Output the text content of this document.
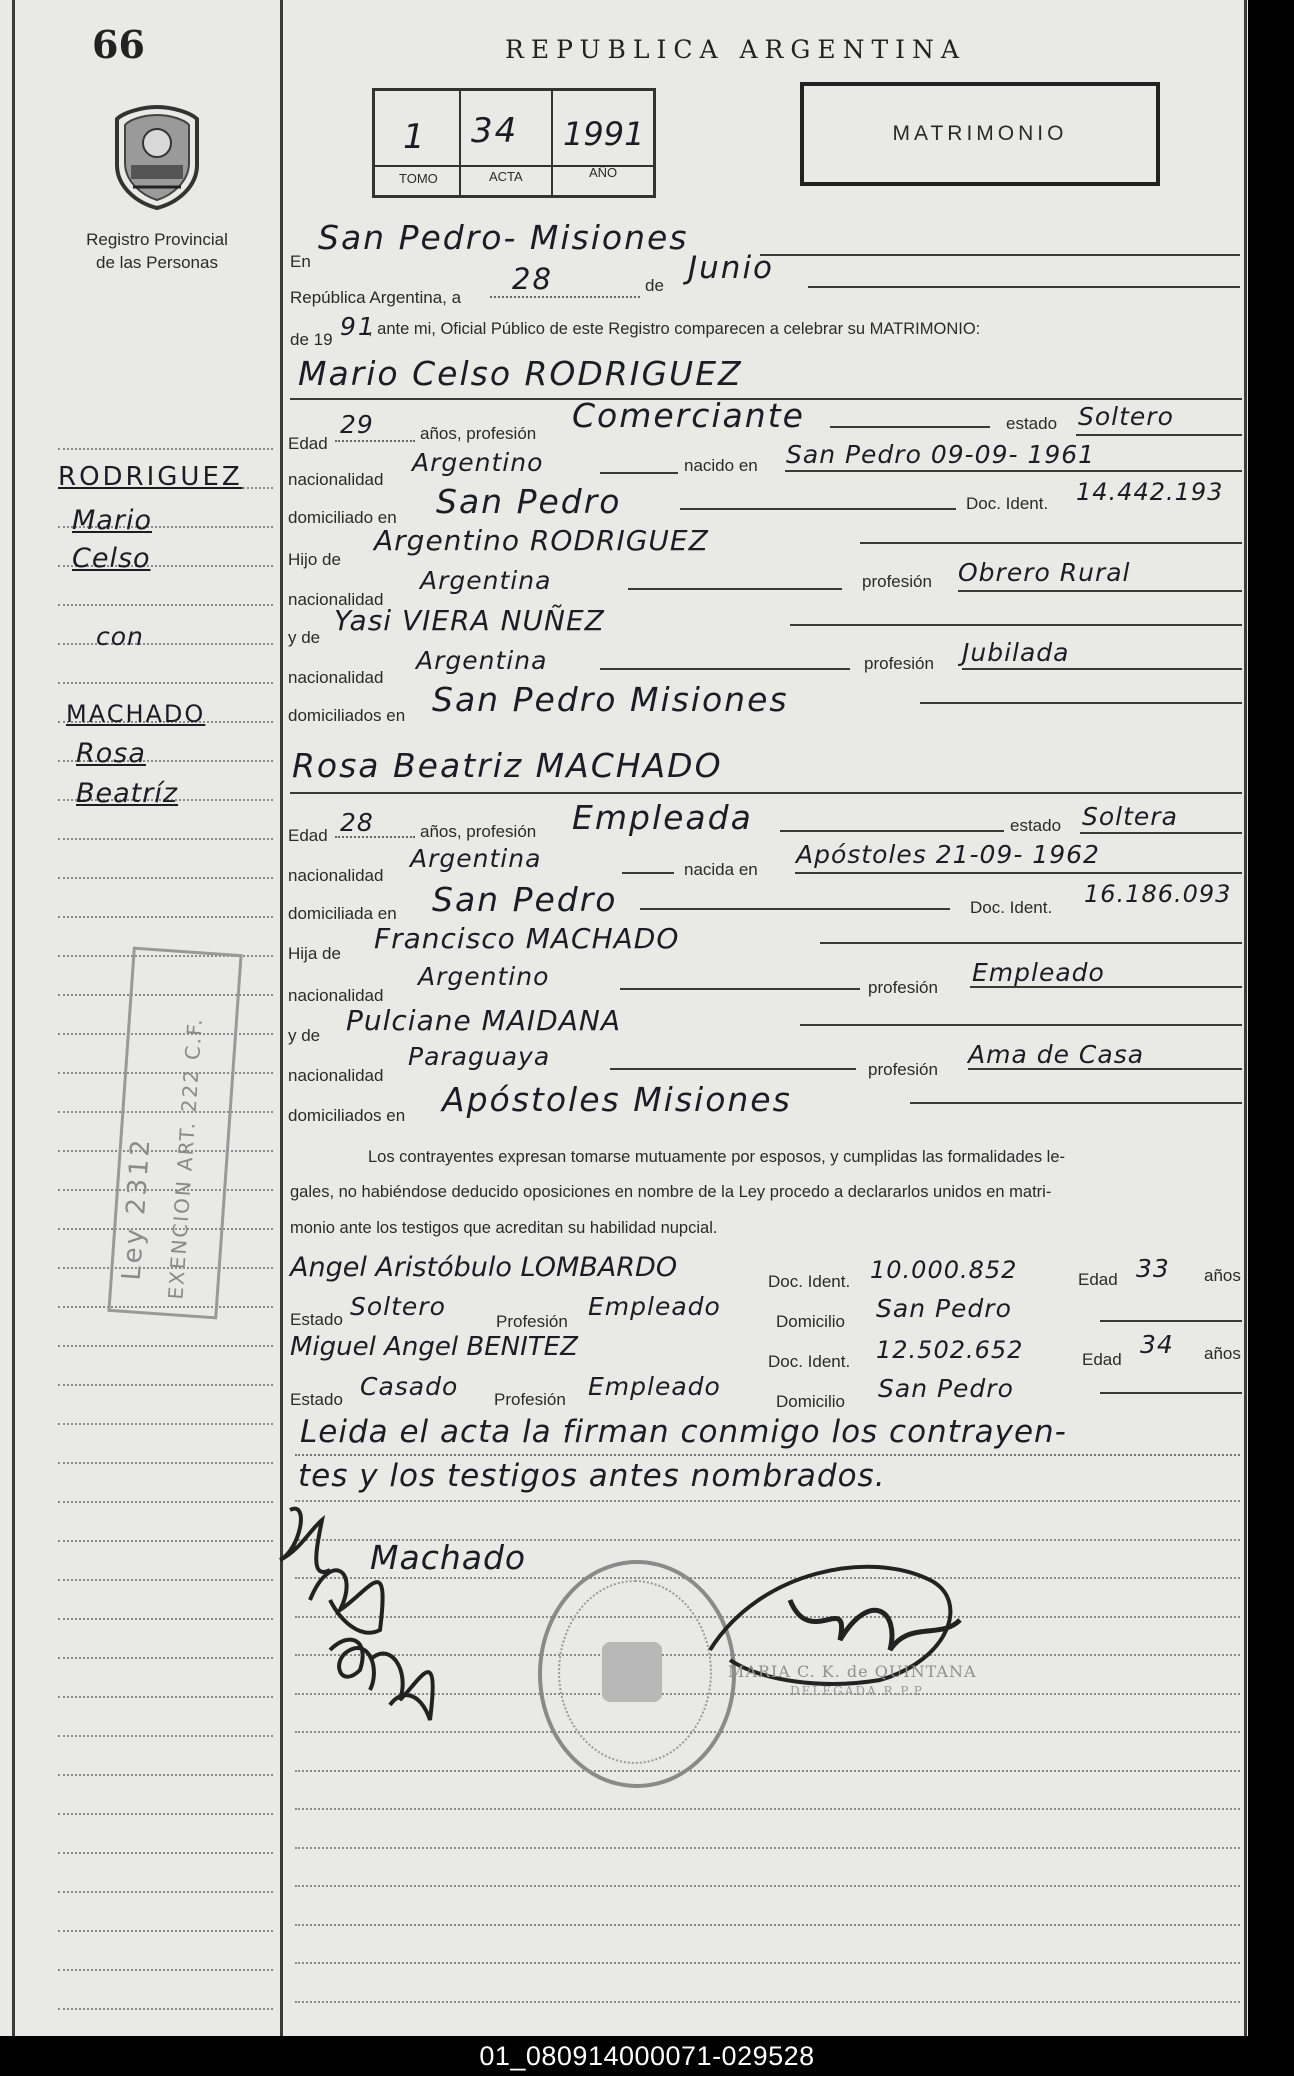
66
Registro Provincial
de las Personas
REPUBLICA ARGENTINA
1 34 1991
TOMO	ACTA	AÑO
MATRIMONIO
RODRIGUEZ
Mario
Celso
con
MACHADO
Rosa
Beatríz
Ley 2312 EXENCION ART. 222 C.F.
En
San Pedro- Misiones
República Argentina, a
28	de Junio
de 19 91
, ante mi, Oficial Público de este Registro comparecen a celebrar su MATRIMONIO:
Mario Celso RODRIGUEZ
Edad
29	años, profesión Comerciante	estado Soltero
nacionalidad
Argentino	nacido en San Pedro 09-09- 1961
domiciliado en San Pedro	Doc. Ident. 14.442.193
Hijo de
Argentino RODRIGUEZ
nacionalidad
Argentina	profesión Obrero Rural
y de
Yasi VIERA NUÑEZ
nacionalidad
Argentina	profesión Jubilada
domiciliados en San Pedro Misiones
Rosa Beatriz MACHADO
Edad 28	años, profesión Empleada	estado Soltera
nacionalidad
Argentina	nacida en
Apóstoles 21-09- 1962
domiciliada en San Pedro	Doc. Ident. 16.186.093
Hija de Francisco MACHADO
nacionalidad
Argentino	profesión
Empleado
y de Pulciane MAIDANA
nacionalidad
Paraguaya	profesión
Ama de Casa
domiciliados en Apóstoles Misiones
Los contrayentes expresan tomarse mutuamente por esposos, y cumplidas las formalidades le-
gales, no habiéndose deducido oposiciones en nombre de la Ley procedo a declararlos unidos en matri-
monio ante los testigos que acreditan su habilidad nupcial.
Angel Aristóbulo LOMBARDO	Doc. Ident. 10.000.852	Edad 33 años
Estado Soltero
Profesión
Empleado
Domicilio San Pedro
Miguel Angel BENITEZ	Doc. Ident. 12.502.652	Edad
34 años
Estado Casado Profesión Empleado
Domicilio San Pedro
Leida el acta la firman conmigo los contrayen-
tes y los testigos antes nombrados.
Machado
MARIA C. K. de QUINTANA
DELEGADA R.P.P.
01_080914000071-029528
